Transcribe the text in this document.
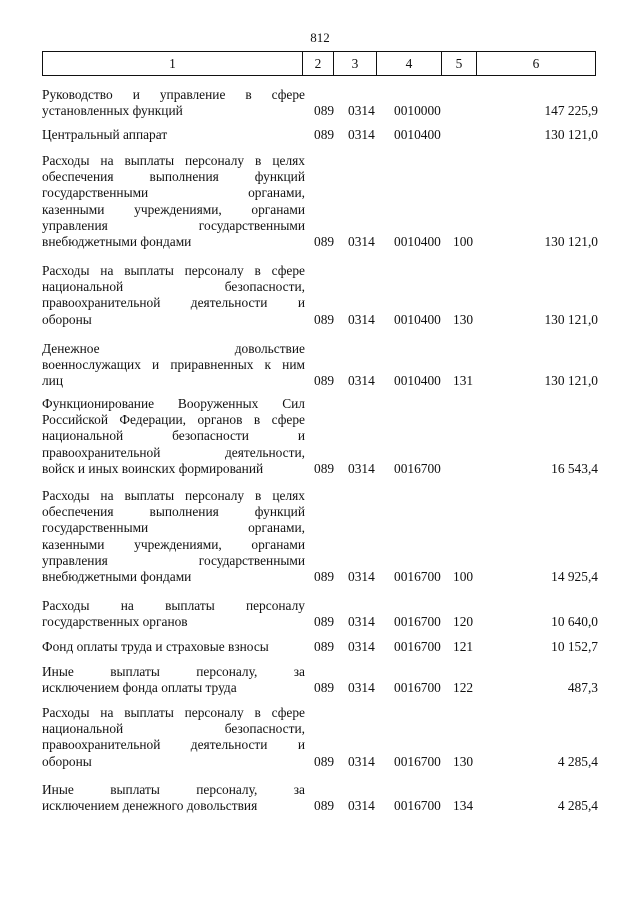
812
1	2	3	4	5	6
Руководство и управление в сфере
установленных функций	089 0314 0010000	147 225,9
Центральный аппарат	089 0314 0010400	130 121,0
Расходы на выплаты персоналу в целях
обеспечения выполнения функций
государственными органами,
казенными учреждениями, органами
управления государственными
внебюджетными фондами	089 0314 0010400 100	130 121,0
Расходы на выплаты персоналу в сфере
национальной безопасности,
правоохранительной деятельности и
обороны	089 0314 0010400 130	130 121,0
Денежное довольствие
военнослужащих и приравненных к ним
лиц	089 0314 0010400 131	130 121,0
Функционирование Вооруженных Сил
Российской Федерации, органов в сфере
национальной безопасности и
правоохранительной деятельности,
войск и иных воинских формирований	089 0314 0016700	16 543,4
Расходы на выплаты персоналу в целях
обеспечения выполнения функций
государственными органами,
казенными учреждениями, органами
управления государственными
внебюджетными фондами	089 0314 0016700 100	14 925,4
Расходы на выплаты персоналу
государственных органов	089 0314 0016700 120	10 640,0
Фонд оплаты труда и страховые взносы	089 0314 0016700 121	10 152,7
Иные выплаты персоналу, за
исключением фонда оплаты труда	089 0314 0016700 122	487,3
Расходы на выплаты персоналу в сфере
национальной безопасности,
правоохранительной деятельности и
обороны	089 0314 0016700 130	4 285,4
Иные выплаты персоналу, за
исключением денежного довольствия	089 0314 0016700 134	4 285,4
